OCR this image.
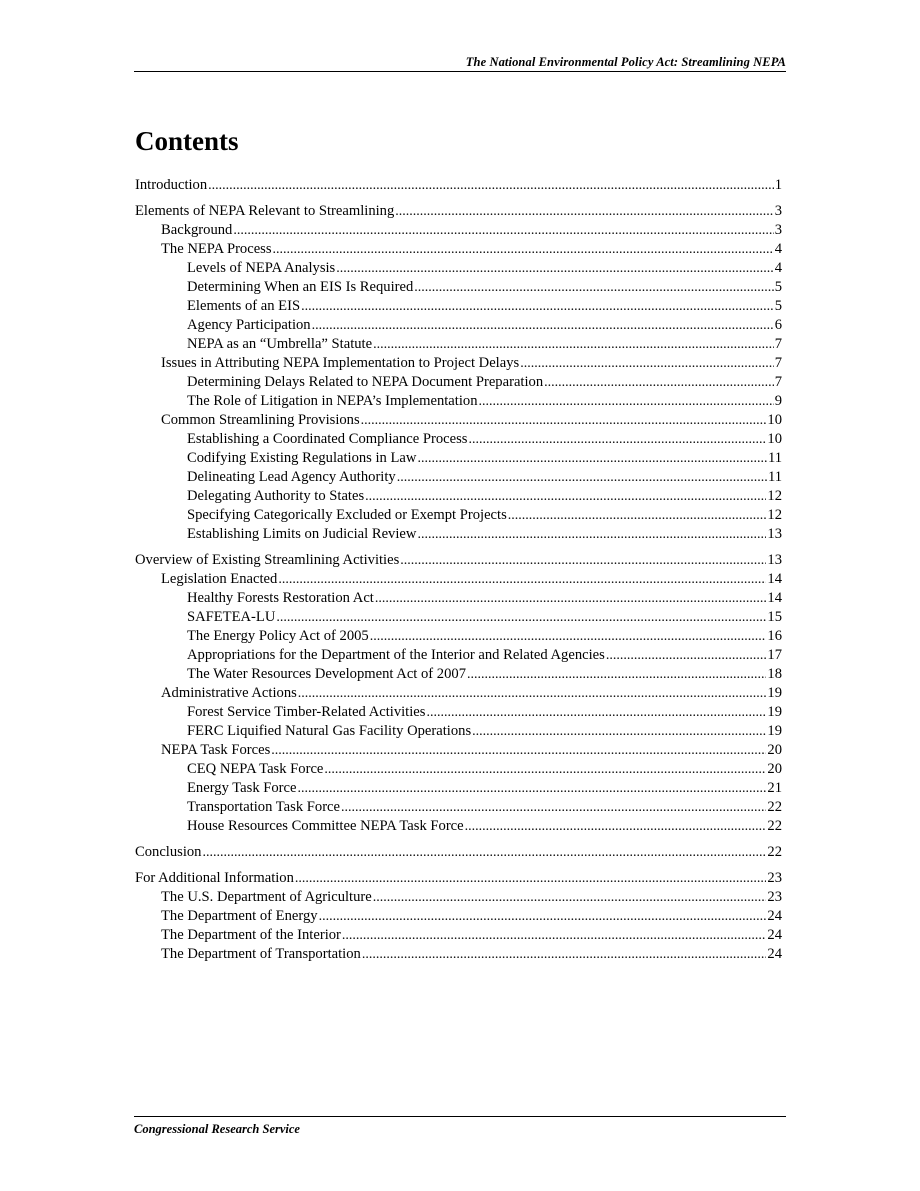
The National Environmental Policy Act: Streamlining NEPA
Contents
Introduction .....	1
Elements of NEPA Relevant to Streamlining .....	3
Background .....	3
The NEPA Process .....	4
Levels of NEPA Analysis .....	4
Determining When an EIS Is Required .....	5
Elements of an EIS .....	5
Agency Participation .....	6
NEPA as an “Umbrella” Statute .....	7
Issues in Attributing NEPA Implementation to Project Delays .....	7
Determining Delays Related to NEPA Document Preparation .....	7
The Role of Litigation in NEPA’s Implementation .....	9
Common Streamlining Provisions .....	10
Establishing a Coordinated Compliance Process .....	10
Codifying Existing Regulations in Law .....	11
Delineating Lead Agency Authority .....	11
Delegating Authority to States .....	12
Specifying Categorically Excluded or Exempt Projects .....	12
Establishing Limits on Judicial Review .....	13
Overview of Existing Streamlining Activities .....	13
Legislation Enacted .....	14
Healthy Forests Restoration Act .....	14
SAFETEA-LU .....	15
The Energy Policy Act of 2005 .....	16
Appropriations for the Department of the Interior and Related Agencies .....	17
The Water Resources Development Act of 2007 .....	18
Administrative Actions .....	19
Forest Service Timber-Related Activities .....	19
FERC Liquified Natural Gas Facility Operations .....	19
NEPA Task Forces .....	20
CEQ NEPA Task Force .....	20
Energy Task Force .....	21
Transportation Task Force .....	22
House Resources Committee NEPA Task Force .....	22
Conclusion .....	22
For Additional Information .....	23
The U.S. Department of Agriculture .....	23
The Department of Energy .....	24
The Department of the Interior .....	24
The Department of Transportation .....	24
Congressional Research Service
